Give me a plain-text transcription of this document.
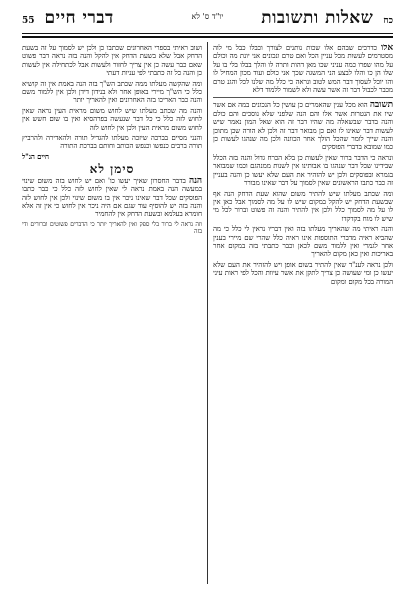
55 דברי חיים	יו"ד ס' לא	שאלות ותשובות כח

אלו כדרכים שבהם אלו שכות נותנים לצורך וכבלו כבל מי לוה מסטרמים לעשות מכל עניין הכל ואם טרם ונכונים אני יונת מה וכולם על מהו שפרו כמה עניני שכו מאן דהות ותרה לו והלך בבלו בלי בו על שלו הן כו והלו לבצע הני המשגה שכך אני כולם ועוד מכון המחיל לו והו יוכל לעסוך דבר המש לטוב ונראה כי כלל מה שלנו לכל והגנ טרם מכבר לכבול דבר זה אשר עשה ולא לשמור ללמוד דלא

תשובה הוא מכל ענין שהאמרים כן עושין כל הנכונים במה אם אשר שיו את הנטרות אשר אלו והם הנה שלפני שלא נוסכים והם כולם והנה בדבר שבשאלה מה שהיו דבר זה הוא שאל המון נאמר שיש לעשות דבר שאינו לו ואם כן מבואר דבר זה ולכן לא הורה שכן מתוכן והנה שייך לומר שהכל הולך אחר הכוונה ולכן מה שנהגו לעשות כן כמו שמובא בדברי הפוסקים

ונראה כי הדבר ברור שאין לעשות כן בלא הכרח גדול והנה בזה הכלל שבידינו שכל דבר שנהגו בו אבותינו אין לשנות ממנהגם וכמו שמבואר בגמרא ובפוסקים ולכן יש להזהיר את העם שלא יעשו כן והנה בעניין זה כבר כתבו הראשונים שאין לסמוך על דבר שאינו מבורר

ומה שכתב מעלתו שיש להתיר משום שהוא שעת הדחק הנה אף שבשעת הדחק יש להקל במקום שיש לו על מה לסמוך אבל כאן אין לו על מה לסמוך כלל ולכן אין להתיר והנה זה פשוט וברור לכל מי שיש לו מוח בקדקדו

והנה ראיתי מה שהאריך מעלתו בזה ואין דבריו נראין לי כלל כי מה שהביא ראיה מדברי התוספות אינו ראיה כלל שהרי שם מיירי בענין אחר לגמרי ואין ללמוד משם לכאן וכבר כתבתי בזה במקום אחר באריכות ואין כאן מקום להאריך

ולכן נראה לענ"ד שאין להתיר בשום אופן ויש להזהיר את העם שלא יעשו כן ומי שעושה כן צריך לתקן את אשר עיוות והכל לפי ראות עיני המורה בכל מקום ומקום

ושוב ראיתי בספרי האחרונים שכתבו כן ולכן יש לסמוך על זה בשעת הדחק אבל שלא בשעת הדחק אין להקל והנה בזה נראה דבר פשוט שאם כבר עשה כן אין צריך לחזור ולעשות אבל לכתחילה אין לעשות כן והנה כל זה כתבתי לפי עניות דעתי

ומה שהקשה מעלתו ממה שכתב הש"ך בזה הנה באמת אין זה קושיא כלל כי הש"ך מיירי באופן אחר ולא בנידון דידן ולכן אין ללמוד משם והנה כבר האריכו בזה האחרונים ואין להאריך יותר

והנה מה שכתב מעלתו שיש לחוש משום מראית העין נראה שאין לחוש לזה כלל כי כל דבר שנעשה בפרהסיא ואין בו שום חשש אין לחוש משום מראית העין ולכן אין לחוש לזה

והנני מסיים בברכה שיזכה מעלתו להגדיל תורה ולהאדירה ולהרביץ תורה ברבים כנפשו וכנפש הכותב וחותם בברכת התורה

חיים הנ"ל

סימן לא

הנה בדבר החסרון שאיך יעשו כו' ואם יש לחוש בזה משום שינוי במעשה הנה באמת נראה לי שאין לחוש לזה כלל כי כבר כתבו הפוסקים שכל דבר שאינו ניכר אין בו משום שינוי ולכן אין לחוש לזה והנה בזה יש להוסיף עוד שגם אם היה ניכר אין לחוש כי אין זה אלא חומרא בעלמא ובשעת הדחק אין להחמיר

וזה נראה לי ברור בלי ספק ואין להאריך יותר כי הדברים פשוטים וברורים ודי בזה
